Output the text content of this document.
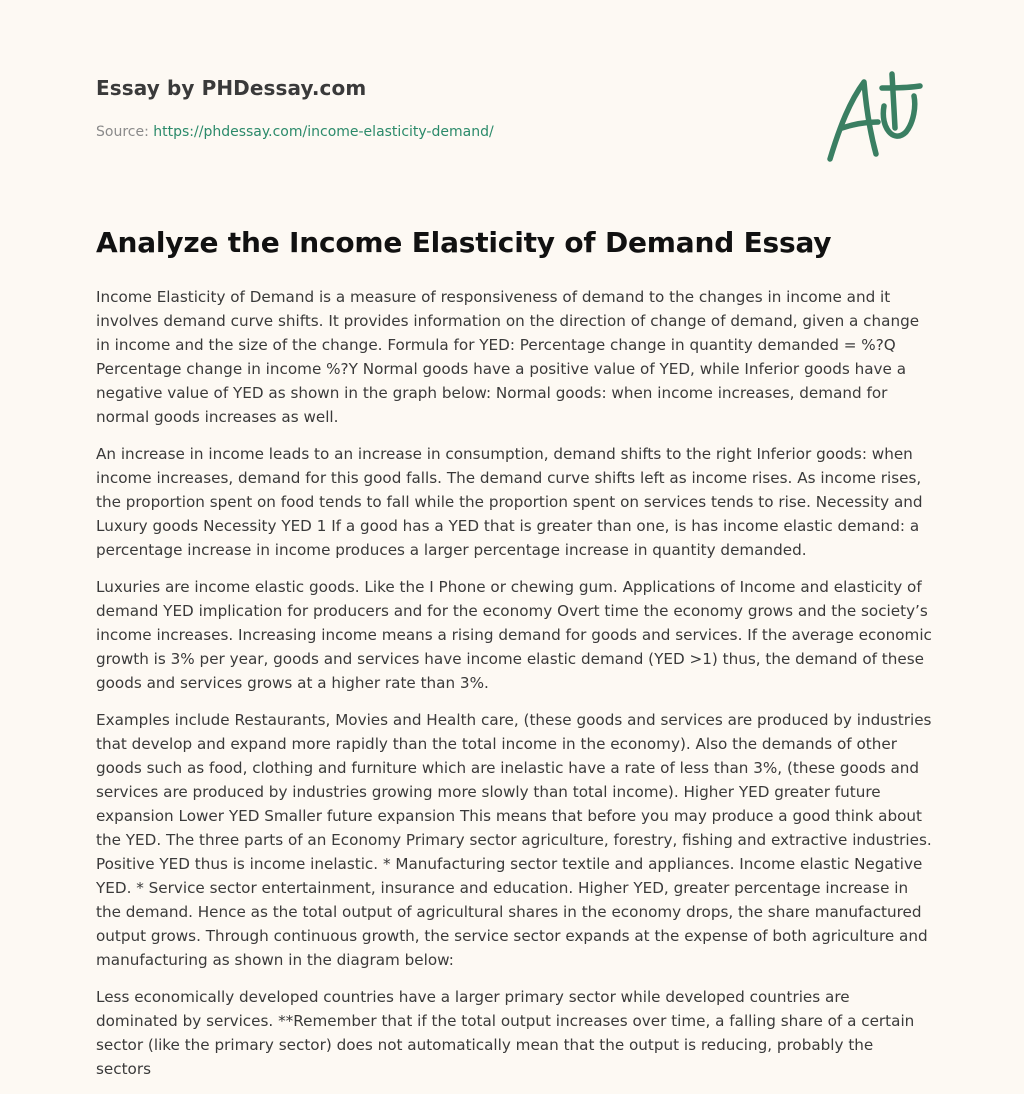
Essay by PHDessay.com

Source: https://phdessay.com/income-elasticity-demand/
Analyze the Income Elasticity of Demand Essay

Income Elasticity of Demand is a measure of responsiveness of demand to the changes in income and it involves demand curve shifts. It provides information on the direction of change of demand, given a change in income and the size of the change. Formula for YED: Percentage change in quantity demanded = %?Q Percentage change in income %?Y Normal goods have a positive value of YED, while Inferior goods have a negative value of YED as shown in the graph below: Normal goods: when income increases, demand for normal goods increases as well.

An increase in income leads to an increase in consumption, demand shifts to the right Inferior goods: when income increases, demand for this good falls. The demand curve shifts left as income rises. As income rises, the proportion spent on food tends to fall while the proportion spent on services tends to rise. Necessity and Luxury goods Necessity YED 1 If a good has a YED that is greater than one, is has income elastic demand: a percentage increase in income produces a larger percentage increase in quantity demanded.

Luxuries are income elastic goods. Like the I Phone or chewing gum. Applications of Income and elasticity of demand YED implication for producers and for the economy Overt time the economy grows and the society’s income increases. Increasing income means a rising demand for goods and services. If the average economic growth is 3% per year, goods and services have income elastic demand (YED >1) thus, the demand of these goods and services grows at a higher rate than 3%.

Examples include Restaurants, Movies and Health care, (these goods and services are produced by industries that develop and expand more rapidly than the total income in the economy). Also the demands of other goods such as food, clothing and furniture which are inelastic have a rate of less than 3%, (these goods and services are produced by industries growing more slowly than total income). Higher YED greater future expansion Lower YED Smaller future expansion This means that before you may produce a good think about the YED. The three parts of an Economy Primary sector agriculture, forestry, fishing and extractive industries. Positive YED thus is income inelastic. * Manufacturing sector textile and appliances. Income elastic Negative YED. * Service sector entertainment, insurance and education. Higher YED, greater percentage increase in the demand. Hence as the total output of agricultural shares in the economy drops, the share manufactured output grows. Through continuous growth, the service sector expands at the expense of both agriculture and manufacturing as shown in the diagram below:

Less economically developed countries have a larger primary sector while developed countries are dominated by services. **Remember that if the total output increases over time, a falling share of a certain sector (like the primary sector) does not automatically mean that the output is reducing, probably the sectors
